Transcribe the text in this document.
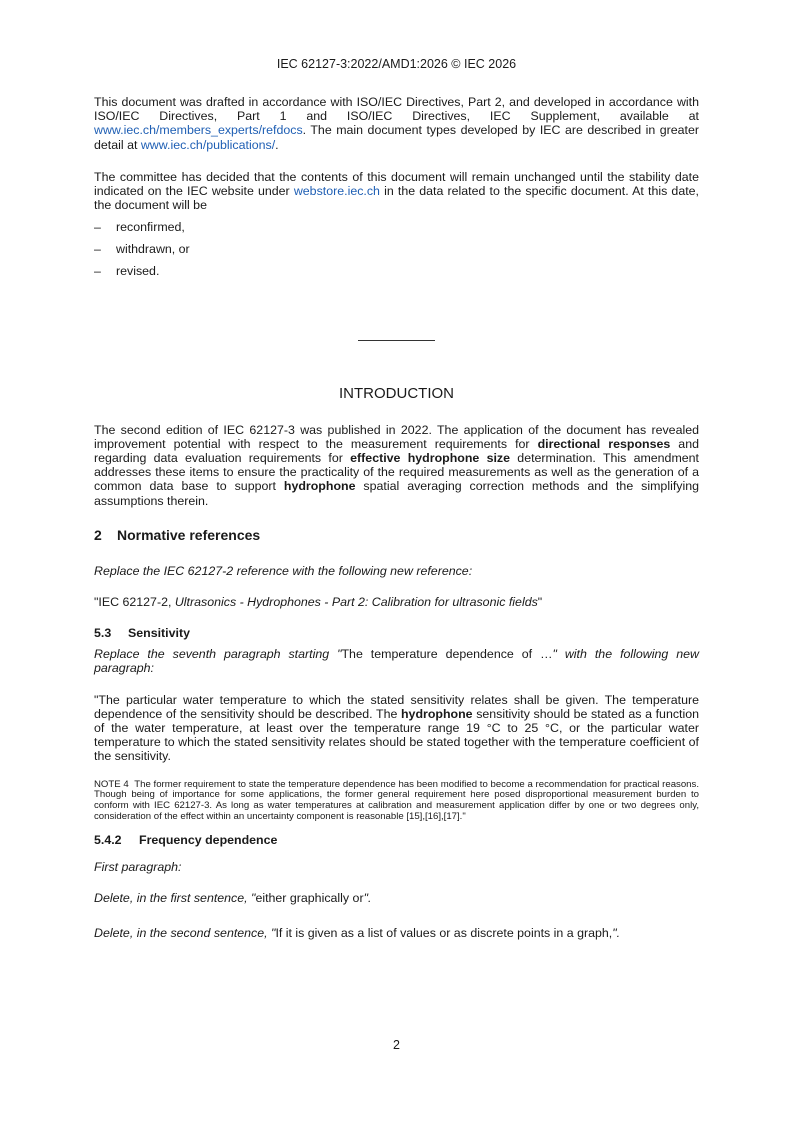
IEC 62127-3:2022/AMD1:2026 © IEC 2026

This document was drafted in accordance with ISO/IEC Directives, Part 2, and developed in accordance with ISO/IEC Directives, Part 1 and ISO/IEC Directives, IEC Supplement, available at www.iec.ch/members_experts/refdocs. The main document types developed by IEC are described in greater detail at www.iec.ch/publications/.

The committee has decided that the contents of this document will remain unchanged until the stability date indicated on the IEC website under webstore.iec.ch in the data related to the specific document. At this date, the document will be

–	reconfirmed,
–	withdrawn, or
–	revised.
INTRODUCTION

The second edition of IEC 62127-3 was published in 2022. The application of the document has revealed improvement potential with respect to the measurement requirements for directional responses and regarding data evaluation requirements for effective hydrophone size determination. This amendment addresses these items to ensure the practicality of the required measurements as well as the generation of a common data base to support hydrophone spatial averaging correction methods and the simplifying assumptions therein.

2 Normative references

Replace the IEC 62127-2 reference with the following new reference:

"IEC 62127-2, Ultrasonics - Hydrophones - Part 2: Calibration for ultrasonic fields"

5.3 Sensitivity

Replace the seventh paragraph starting "The temperature dependence of …" with the following new paragraph:

"The particular water temperature to which the stated sensitivity relates shall be given. The temperature dependence of the sensitivity should be described. The hydrophone sensitivity should be stated as a function of the water temperature, at least over the temperature range 19 °C to 25 °C, or the particular water temperature to which the stated sensitivity relates should be stated together with the temperature coefficient of the sensitivity.

NOTE 4 The former requirement to state the temperature dependence has been modified to become a recommendation for practical reasons. Though being of importance for some applications, the former general requirement here posed disproportional measurement burden to conform with IEC 62127-3. As long as water temperatures at calibration and measurement application differ by one or two degrees only, consideration of the effect within an uncertainty component is reasonable [15],[16],[17]."

5.4.2 Frequency dependence

First paragraph:

Delete, in the first sentence, "either graphically or".

Delete, in the second sentence, "If it is given as a list of values or as discrete points in a graph,".

2
